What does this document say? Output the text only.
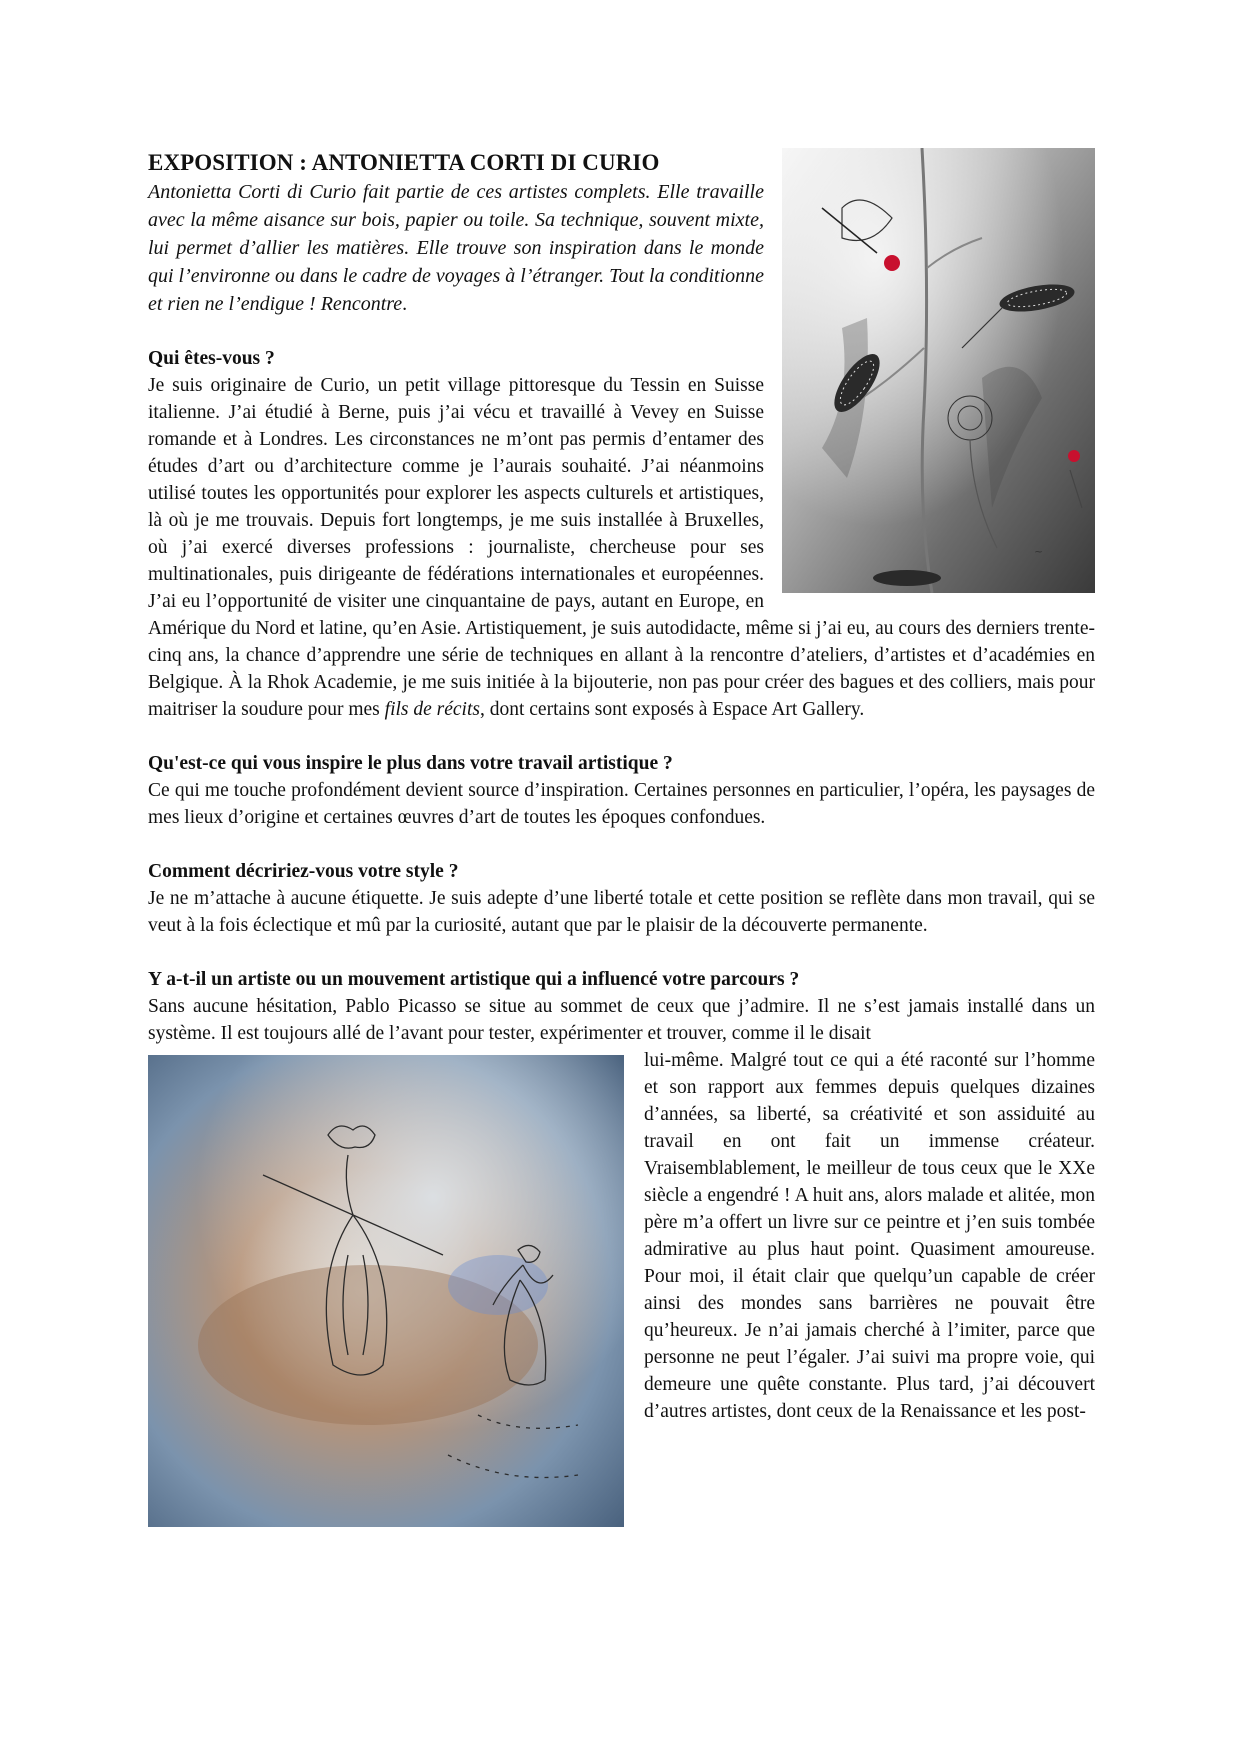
~
EXPOSITION : ANTONIETTA CORTI DI CURIO

Antonietta Corti di Curio fait partie de ces artistes complets. Elle travaille avec la même aisance sur bois, papier ou toile. Sa technique, souvent mixte, lui permet d’allier les matières. Elle trouve son inspiration dans le monde qui l’environne ou dans le cadre de voyages à l’étranger. Tout la conditionne et rien ne l’endigue ! Rencontre.

Qui êtes-vous ?

Je suis originaire de Curio, un petit village pittoresque du Tessin en Suisse italienne. J’ai étudié à Berne, puis j’ai vécu et travaillé à Vevey en Suisse romande et à Londres. Les circonstances ne m’ont pas permis d’entamer des études d’art ou d’architecture comme je l’aurais souhaité. J’ai néanmoins utilisé toutes les opportunités pour explorer les aspects culturels et artistiques, là où je me trouvais. Depuis fort longtemps, je me suis installée à Bruxelles, où j’ai exercé diverses professions : journaliste, chercheuse pour ses multinationales, puis dirigeante de fédérations internationales et européennes. J’ai eu l’opportunité de visiter une cinquantaine de pays, autant en Europe, en Amérique du Nord et latine, qu’en Asie. Artistiquement, je suis autodidacte, même si j’ai eu, au cours des derniers trente-cinq ans, la chance d’apprendre une série de techniques en allant à la rencontre d’ateliers, d’artistes et d’académies en Belgique. À la Rhok Academie, je me suis initiée à la bijouterie, non pas pour créer des bagues et des colliers, mais pour maitriser la soudure pour mes fils de récits, dont certains sont exposés à Espace Art Gallery.

Qu'est-ce qui vous inspire le plus dans votre travail artistique ?

Ce qui me touche profondément devient source d’inspiration. Certaines personnes en particulier, l’opéra, les paysages de mes lieux d’origine et certaines œuvres d’art de toutes les époques confondues.

Comment décririez-vous votre style ?

Je ne m’attache à aucune étiquette. Je suis adepte d’une liberté totale et cette position se reflète dans mon travail, qui se veut à la fois éclectique et mû par la curiosité, autant que par le plaisir de la découverte permanente.

Y a-t-il un artiste ou un mouvement artistique qui a influencé votre parcours ?

Sans aucune hésitation, Pablo Picasso se situe au sommet de ceux que j’admire. Il ne s’est jamais installé dans un système. Il est toujours allé de l’avant pour tester, expérimenter et trouver, comme il le disait

lui-même. Malgré tout ce qui a été raconté sur l’homme et son rapport aux femmes depuis quelques dizaines d’années, sa liberté, sa créativité et son assiduité au travail en ont fait un immense créateur. Vraisemblablement, le meilleur de tous ceux que le XXe siècle a engendré ! A huit ans, alors malade et alitée, mon père m’a offert un livre sur ce peintre et j’en suis tombée admirative au plus haut point. Quasiment amoureuse. Pour moi, il était clair que quelqu’un capable de créer ainsi des mondes sans barrières ne pouvait être qu’heureux. Je n’ai jamais cherché à l’imiter, parce que personne ne peut l’égaler. J’ai suivi ma propre voie, qui demeure une quête constante. Plus tard, j’ai découvert d’autres artistes, dont ceux de la Renaissance et les post-
